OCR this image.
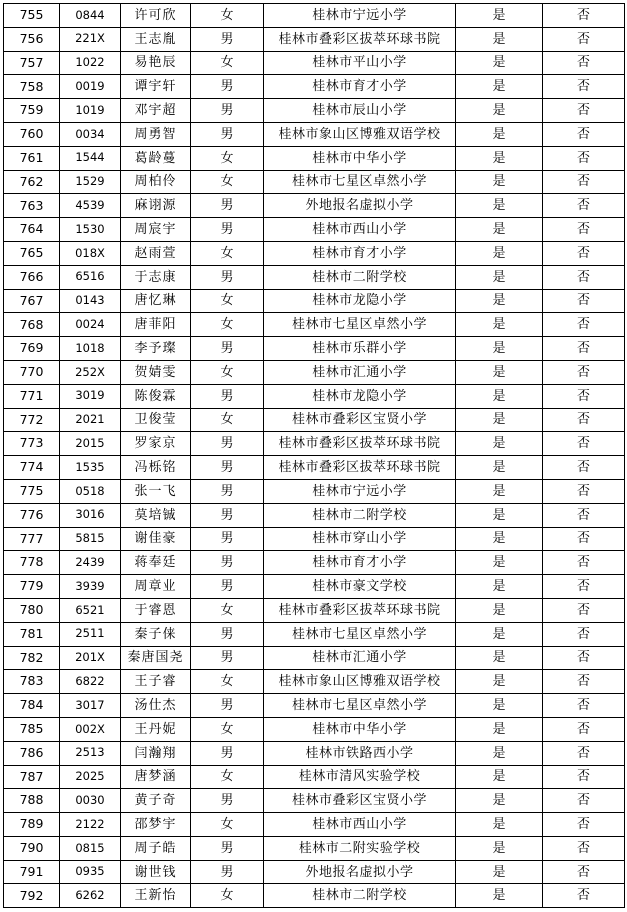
755	0844	许可欣	女	桂林市宁远小学	是	否
756	221X	王志胤	男	桂林市叠彩区拔萃环球书院	是	否
757	1022	易艳辰	女	桂林市平山小学	是	否
758	0019	谭宇轩	男	桂林市育才小学	是	否
759	1019	邓宇超	男	桂林市辰山小学	是	否
760	0034	周勇智	男	桂林市象山区博雅双语学校	是	否
761	1544	葛龄蔓	女	桂林市中华小学	是	否
762	1529	周柏伶	女	桂林市七星区卓然小学	是	否
763	4539	麻诩源	男	外地报名虚拟小学	是	否
764	1530	周宸宇	男	桂林市西山小学	是	否
765	018X	赵雨萱	女	桂林市育才小学	是	否
766	6516	于志康	男	桂林市二附学校	是	否
767	0143	唐忆琳	女	桂林市龙隐小学	是	否
768	0024	唐菲阳	女	桂林市七星区卓然小学	是	否
769	1018	李予璨	男	桂林市乐群小学	是	否
770	252X	贺婧雯	女	桂林市汇通小学	是	否
771	3019	陈俊霖	男	桂林市龙隐小学	是	否
772	2021	卫俊莹	女	桂林市叠彩区宝贤小学	是	否
773	2015	罗家京	男	桂林市叠彩区拔萃环球书院	是	否
774	1535	冯栎铭	男	桂林市叠彩区拔萃环球书院	是	否
775	0518	张一飞	男	桂林市宁远小学	是	否
776	3016	莫培铖	男	桂林市二附学校	是	否
777	5815	谢佳豪	男	桂林市穿山小学	是	否
778	2439	蒋奉廷	男	桂林市育才小学	是	否
779	3939	周章业	男	桂林市豪文学校	是	否
780	6521	于睿恩	女	桂林市叠彩区拔萃环球书院	是	否
781	2511	秦子俫	男	桂林市七星区卓然小学	是	否
782	201X	秦唐国尧	男	桂林市汇通小学	是	否
783	6822	王子睿	女	桂林市象山区博雅双语学校	是	否
784	3017	汤仕杰	男	桂林市七星区卓然小学	是	否
785	002X	王丹妮	女	桂林市中华小学	是	否
786	2513	闫瀚翔	男	桂林市铁路西小学	是	否
787	2025	唐梦涵	女	桂林市清风实验学校	是	否
788	0030	黄子奇	男	桂林市叠彩区宝贤小学	是	否
789	2122	邵梦宇	女	桂林市西山小学	是	否
790	0815	周子皓	男	桂林市二附实验学校	是	否
791	0935	谢世钱	男	外地报名虚拟小学	是	否
792	6262	王新怡	女	桂林市二附学校	是	否
